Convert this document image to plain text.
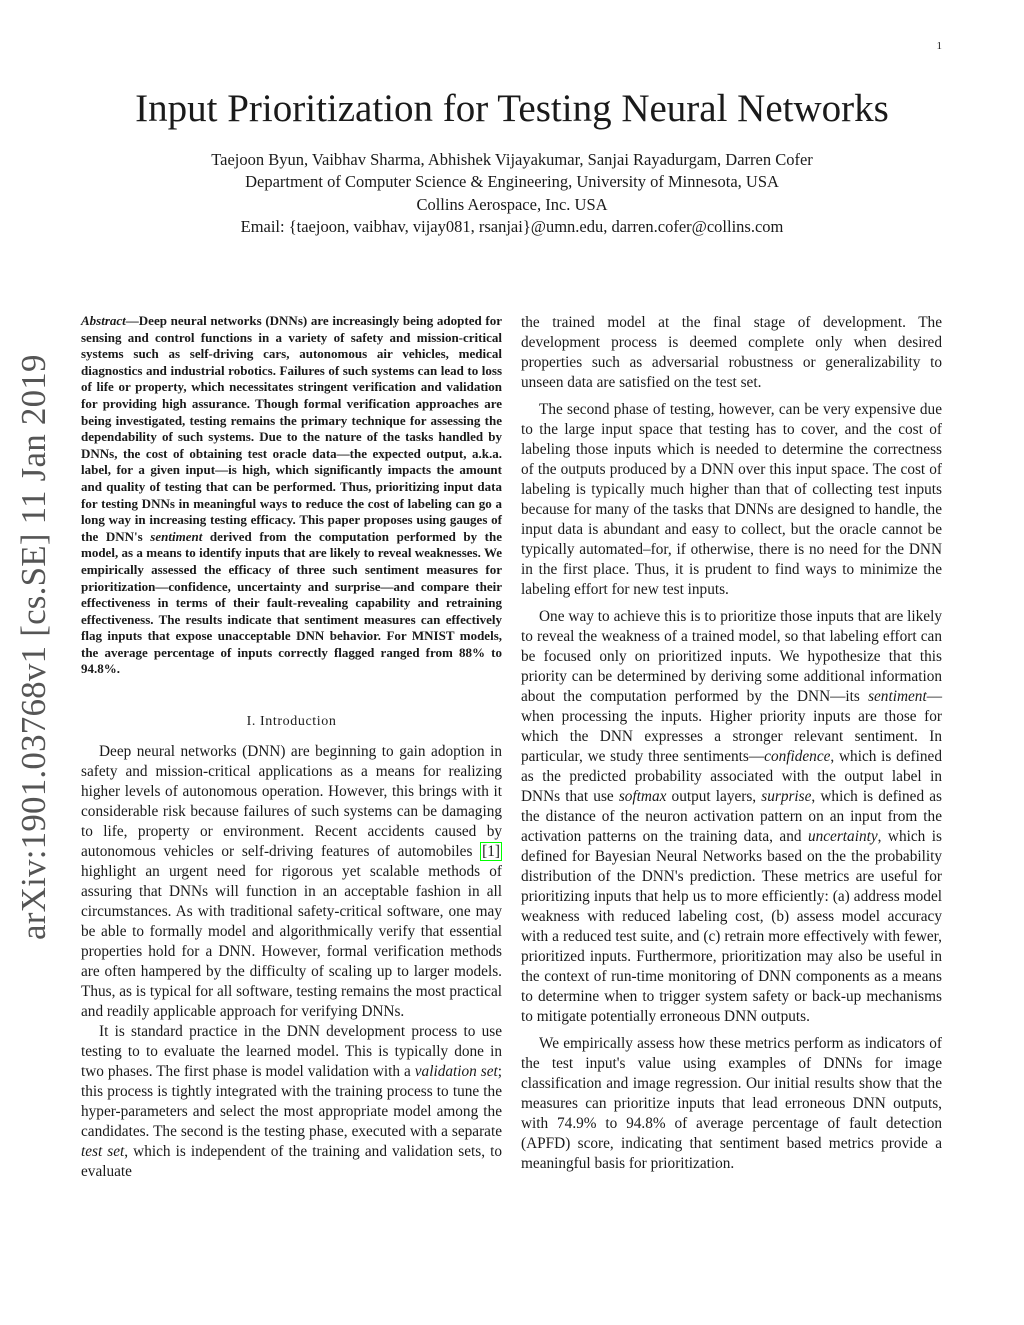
1
arXiv:1901.03768v1 [cs.SE] 11 Jan 2019
Input Prioritization for Testing Neural Networks
Taejoon Byun, Vaibhav Sharma, Abhishek Vijayakumar, Sanjai Rayadurgam, Darren Cofer
Department of Computer Science & Engineering, University of Minnesota, USA
Collins Aerospace, Inc. USA
Email: {taejoon, vaibhav, vijay081, rsanjai}@umn.edu, darren.cofer@collins.com

Abstract—Deep neural networks (DNNs) are increasingly being adopted for sensing and control functions in a variety of safety and mission-critical systems such as self-driving cars, autonomous air vehicles, medical diagnostics and industrial robotics. Failures of such systems can lead to loss of life or property, which necessitates stringent verification and validation for providing high assurance. Though formal verification approaches are being investigated, testing remains the primary technique for assessing the dependability of such systems. Due to the nature of the tasks handled by DNNs, the cost of obtaining test oracle data—the expected output, a.k.a. label, for a given input—is high, which significantly impacts the amount and quality of testing that can be performed. Thus, prioritizing input data for testing DNNs in meaningful ways to reduce the cost of labeling can go a long way in increasing testing efficacy. This paper proposes using gauges of the DNN's sentiment derived from the computation performed by the model, as a means to identify inputs that are likely to reveal weaknesses. We empirically assessed the efficacy of three such sentiment measures for prioritization—confidence, uncertainty and surprise—and compare their effectiveness in terms of their fault-revealing capability and retraining effectiveness. The results indicate that sentiment measures can effectively flag inputs that expose unacceptable DNN behavior. For MNIST models, the average percentage of inputs correctly flagged ranged from 88% to 94.8%.

I. Introduction

Deep neural networks (DNN) are beginning to gain adoption in safety and mission-critical applications as a means for realizing higher levels of autonomous operation. However, this brings with it considerable risk because failures of such systems can be damaging to life, property or environment. Recent accidents caused by autonomous vehicles or self-driving features of automobiles [1] highlight an urgent need for rigorous yet scalable methods of assuring that DNNs will function in an acceptable fashion in all circumstances. As with traditional safety-critical software, one may be able to formally model and algorithmically verify that essential properties hold for a DNN. However, formal verification methods are often hampered by the difficulty of scaling up to larger models. Thus, as is typical for all software, testing remains the most practical and readily applicable approach for verifying DNNs.

It is standard practice in the DNN development process to use testing to to evaluate the learned model. This is typically done in two phases. The first phase is model validation with a validation set; this process is tightly integrated with the training process to tune the hyper-parameters and select the most appropriate model among the candidates. The second is the testing phase, executed with a separate test set, which is independent of the training and validation sets, to evaluate

the trained model at the final stage of development. The development process is deemed complete only when desired properties such as adversarial robustness or generalizability to unseen data are satisfied on the test set.

The second phase of testing, however, can be very expensive due to the large input space that testing has to cover, and the cost of labeling those inputs which is needed to determine the correctness of the outputs produced by a DNN over this input space. The cost of labeling is typically much higher than that of collecting test inputs because for many of the tasks that DNNs are designed to handle, the input data is abundant and easy to collect, but the oracle cannot be typically automated–for, if otherwise, there is no need for the DNN in the first place. Thus, it is prudent to find ways to minimize the labeling effort for new test inputs.

One way to achieve this is to prioritize those inputs that are likely to reveal the weakness of a trained model, so that labeling effort can be focused only on prioritized inputs. We hypothesize that this priority can be determined by deriving some additional information about the computation performed by the DNN—its sentiment—when processing the inputs. Higher priority inputs are those for which the DNN expresses a stronger relevant sentiment. In particular, we study three sentiments—confidence, which is defined as the predicted probability associated with the output label in DNNs that use softmax output layers, surprise, which is defined as the distance of the neuron activation pattern on an input from the activation patterns on the training data, and uncertainty, which is defined for Bayesian Neural Networks based on the the probability distribution of the DNN's prediction. These metrics are useful for prioritizing inputs that help us to more efficiently: (a) address model weakness with reduced labeling cost, (b) assess model accuracy with a reduced test suite, and (c) retrain more effectively with fewer, prioritized inputs. Furthermore, prioritization may also be useful in the context of run-time monitoring of DNN components as a means to determine when to trigger system safety or back-up mechanisms to mitigate potentially erroneous DNN outputs.

We empirically assess how these metrics perform as indicators of the test input's value using examples of DNNs for image classification and image regression. Our initial results show that the measures can prioritize inputs that lead erroneous DNN outputs, with 74.9% to 94.8% of average percentage of fault detection (APFD) score, indicating that sentiment based metrics provide a meaningful basis for prioritization.
